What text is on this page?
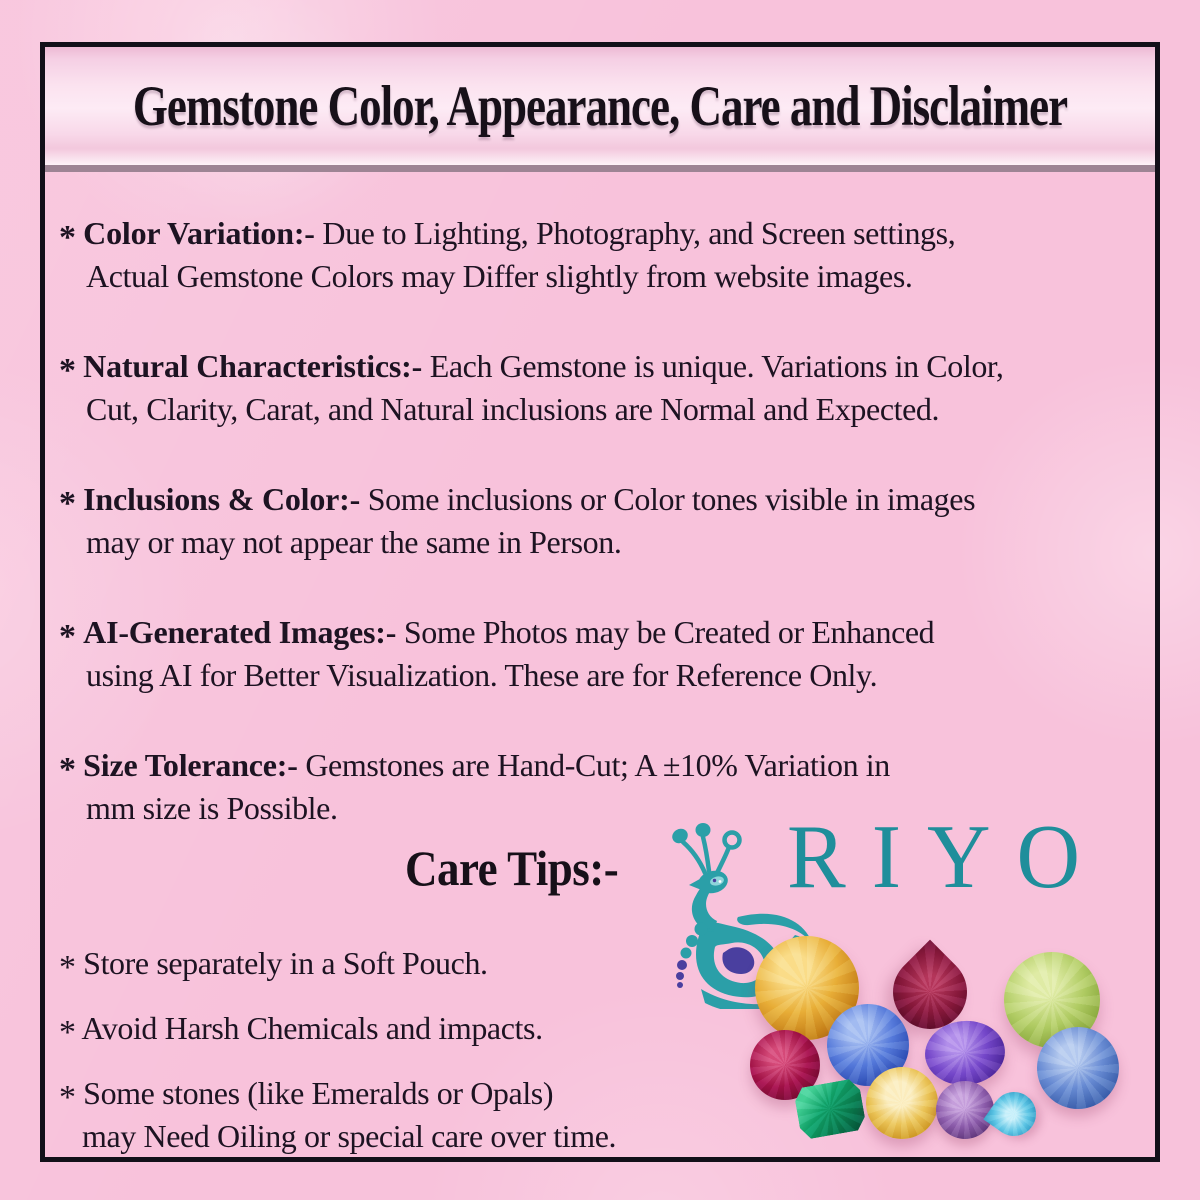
Gemstone Color, Appearance, Care and Disclaimer
* Color Variation:- Due to Lighting, Photography, and Screen settings,
Actual Gemstone Colors may Differ slightly from website images.
* Natural Characteristics:- Each Gemstone is unique. Variations in Color,
Cut, Clarity, Carat, and Natural inclusions are Normal and Expected.
* Inclusions & Color:- Some inclusions or Color tones visible in images
may or may not appear the same in Person.
* AI-Generated Images:- Some Photos may be Created or Enhanced
using AI for Better Visualization. These are for Reference Only.
* Size Tolerance:- Gemstones are Hand-Cut; A ±10% Variation in
mm size is Possible.
Care Tips:- RIYO
* Store separately in a Soft Pouch.
* Avoid Harsh Chemicals and impacts.
* Some stones (like Emeralds or Opals)
may Need Oiling or special care over time.
